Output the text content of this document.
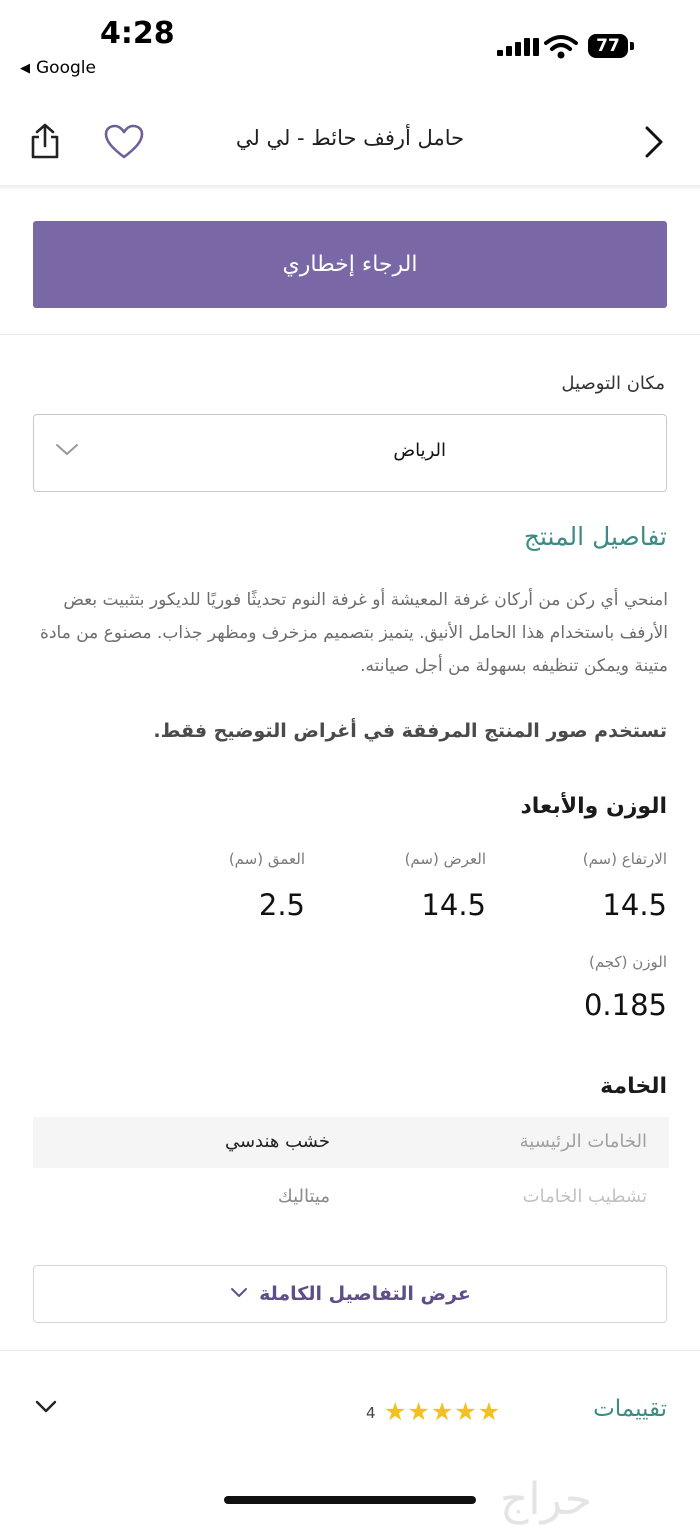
4:28
◀ Google
77
حامل أرفف حائط - لي لي
الرجاء إخطاري
مكان التوصيل
الرياض
تفاصيل المنتج
امنحي أي ركن من أركان غرفة المعيشة أو غرفة النوم تحديثًا فوريًا للديكور بتثبيت بعض الأرفف باستخدام هذا الحامل الأنيق. يتميز بتصميم مزخرف ومظهر جذاب. مصنوع من مادة متينة ويمكن تنظيفه بسهولة من أجل صيانته.
تستخدم صور المنتج المرفقة في أغراض التوضيح فقط.
الوزن والأبعاد
الارتفاع (سم)
14.5
العرض (سم)
14.5
العمق (سم)
2.5
الوزن (كجم)
0.185
الخامة
الخامات الرئيسية
خشب هندسي
تشطيب الخامات
ميتاليك
عرض التفاصيل الكاملة
تقييمات
★ ★ ★ ★ ★
4
حراج
